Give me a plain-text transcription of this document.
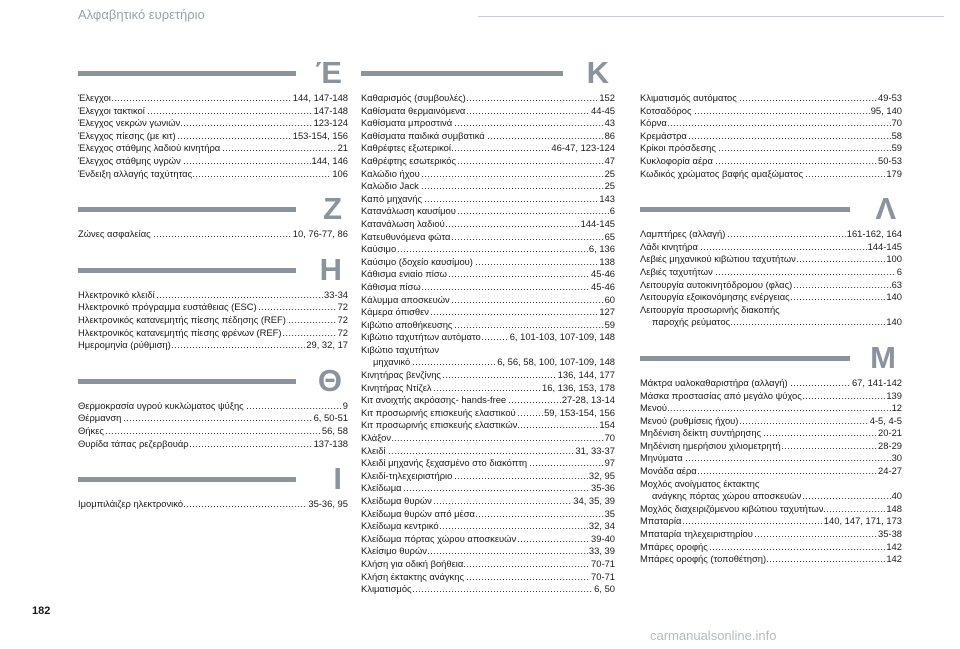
Αλφαβητικό ευρετήριο
Έ
Έλεγχοι	144, 147-148
.....
Έλεγχοι τακτικοί	147-148
.....
Έλεγχος νεκρών γωνιών	123-124
.....
Έλεγχος πίεσης (με κιτ)	153-154, 156
.....
Έλεγχος στάθμης λαδιού κινητήρα	21
.....
Έλεγχος στάθμης υγρών	144, 146
.....
Ένδειξη αλλαγής ταχύτητας	106
.....
Ζ
Ζώνες ασφαλείας	10, 76-77, 86
.....
Η
Ηλεκτρονικό κλειδί	33-34
.....
Ηλεκτρονικό πρόγραμμα ευστάθειας (ESC)	72
.....
Ηλεκτρονικός κατανεμητής πίεσης πέδησης (REF)	72
.....
Ηλεκτρονικός κατανεμητής πίεσης φρένων (REF)	72
.....
Ημερομηνία (ρύθμιση)	29, 32, 17
.....
Θ
Θερμοκρασία υγρού κυκλώματος ψύξης	9
.....
Θέρμανση	6, 50-51
.....
Θήκες	56, 58
.....
Θυρίδα τάπας ρεζερβουάρ	137-138
.....
Ι
Ιμομπιλάιζερ ηλεκτρονικό	35-36, 95
.....
Κ
Καθαρισμός (συμβουλές)	152
.....
Καθίσματα θερμαινόμενα	44-45
.....
Καθίσματα μπροστινά	43
.....
Καθίσματα παιδικά συμβατικά	86
.....
Καθρέφτες εξωτερικοί	46-47, 123-124
.....
Καθρέφτης εσωτερικός	47
.....
Καλώδιο ήχου	25
.....
Καλώδιο Jack	25
.....
Καπό μηχανής	143
.....
Κατανάλωση καυσίμου	6
.....
Κατανάλωση λαδιού	144-145
.....
Κατευθυνόμενα φώτα	65
.....
Καύσιμο	6, 136
.....
Καύσιμο (δοχείο καυσίμου)	138
.....
Κάθισμα ενιαίο πίσω	45-46
.....
Κάθισμα πίσω	45-46
.....
Κάλυμμα αποσκευών	60
.....
Κάμερα όπισθεν	127
.....
Κιβώτιο αποθήκευσης	59
.....
Κιβώτιο ταχυτήτων αυτόματο	6, 101-103, 107-109, 148
.....
Κιβώτιο ταχυτήτων
μηχανικό	6, 56, 58, 100, 107-109, 148
.....
Κινητήρας βενζίνης	136, 144, 177
.....
Κινητήρας Ντίζελ	16, 136, 153, 178
.....
Κιτ ανοιχτής ακρόασης- hands-free	27-28, 13-14
.....
Κιτ προσωρινής επισκευής ελαστικού	59, 153-154, 156
.....
Κιτ προσωρινής επισκευής ελαστικών	154
.....
Κλάξον	70
.....
Κλειδί	31, 33-37
.....
Κλειδί μηχανής ξεχασμένο στο διακόπτη	97
.....
Κλειδί-τηλεχειριστήριο	32, 95
.....
Κλείδωμα	35-36
.....
Κλείδωμα θυρών	34, 35, 39
.....
Κλείδωμα θυρών από μέσα	35
.....
Κλείδωμα κεντρικό	32, 34
.....
Κλείδωμα πόρτας χώρου αποσκευών	39-40
.....
Κλείσιμο θυρών	33, 39
.....
Κλήση για οδική βοήθεια	70-71
.....
Κλήση έκτακτης ανάγκης	70-71
.....
Κλιματισμός	6, 50
.....
Κλιματισμός αυτόματος	49-53
.....
Κοτσαδόρος	95, 140
.....
Κόρνα	70
.....
Κρεμάστρα	58
.....
Κρίκοι πρόσδεσης	59
.....
Κυκλοφορία αέρα	50-53
.....
Κωδικός χρώματος βαφής αμαξώματος	179
.....
Λ
Λαμπτήρες (αλλαγή)	161-162, 164
.....
Λάδι κινητήρα	144-145
.....
Λεβιές μηχανικού κιβώτιου ταχυτήτων	100
.....
Λεβιές ταχυτήτων	6
.....
Λειτουργία αυτοκινητόδρομου (φλας)	63
.....
Λειτουργία εξοικονόμησης ενέργειας	140
.....
Λειτουργία προσωρινής διακοπής
παροχής ρεύματος	140
.....
Μ
Μάκτρα υαλοκαθαριστήρα (αλλαγή)	67, 141-142
.....
Μάσκα προστασίας από μεγάλο ψύχος	139
.....
Μενού	12
.....
Μενού (ρυθμίσεις ήχου)	4-5, 4-5
.....
Μηδένιση δείκτη συντήρησης	20-21
.....
Μηδένιση ημερήσιου χιλιομετρητή	28-29
.....
Μηνύματα	30
.....
Μονάδα αέρα	24-27
.....
Μοχλός ανοίγματος έκτακτης
ανάγκης πόρτας χώρου αποσκευών	40
.....
Μοχλός διαχειριζόμενου κιβώτιου ταχυτήτων	148
.....
Μπαταρία	140, 147, 171, 173
.....
Μπαταρία τηλεχειριστηρίου	35-38
.....
Μπάρες οροφής	142
.....
Μπάρες οροφής (τοποθέτηση)	142
.....
182
carmanualsonline.info
